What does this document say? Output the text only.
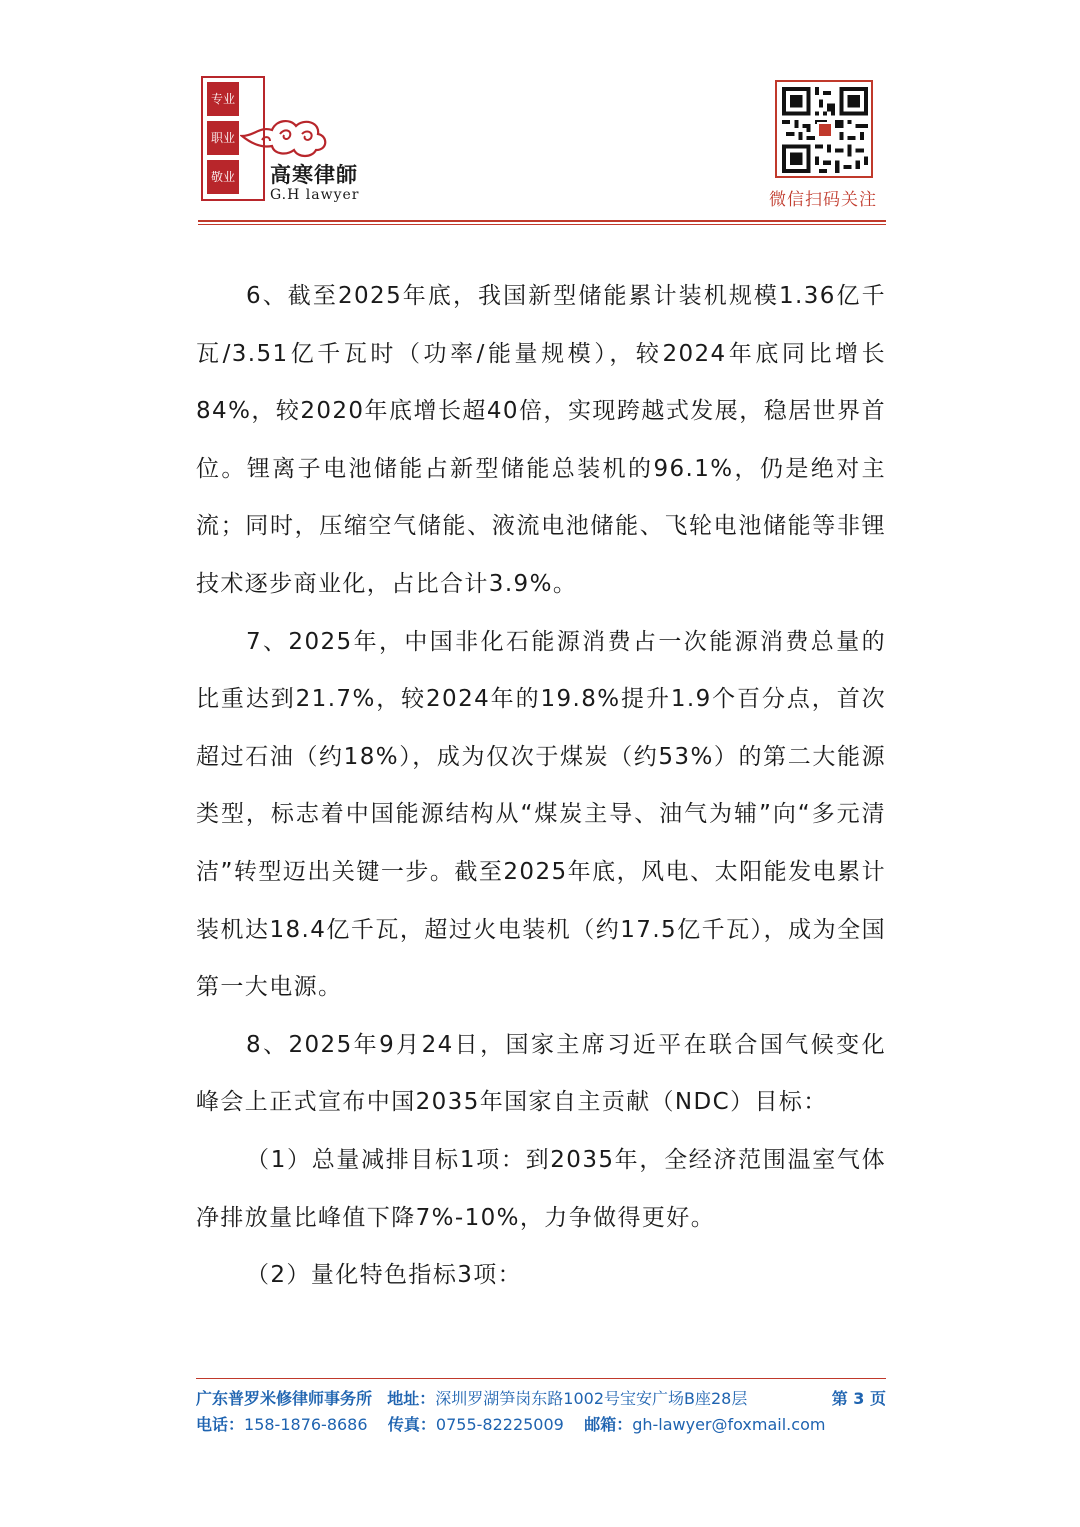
专业
职业
敬业 高寒律師
G.H lawyer	微信扫码关注

6、截至2025年底，我国新型储能累计装机规模1.36亿千瓦/3.51亿千瓦时（功率/能量规模），较2024年底同比增长84%，较2020年底增长超40倍，实现跨越式发展，稳居世界首位。锂离子电池储能占新型储能总装机的96.1%，仍是绝对主流；同时，压缩空气储能、液流电池储能、飞轮电池储能等非锂技术逐步商业化，占比合计3.9%。

7、2025年，中国非化石能源消费占一次能源消费总量的比重达到21.7%，较2024年的19.8%提升1.9个百分点，首次超过石油（约18%），成为仅次于煤炭（约53%）的第二大能源类型，标志着中国能源结构从“煤炭主导、油气为辅”向“多元清洁”转型迈出关键一步。截至2025年底，风电、太阳能发电累计装机达18.4亿千瓦，超过火电装机（约17.5亿千瓦），成为全国第一大电源。

8、2025年9月24日，国家主席习近平在联合国气候变化峰会上正式宣布中国2035年国家自主贡献（NDC）目标：

（1）总量减排目标1项：到2035年，全经济范围温室气体净排放量比峰值下降7%-10%，力争做得更好。

（2）量化特色指标3项：

广东普罗米修律师事务所 地址：深圳罗湖笋岗东路1002号宝安广场B座28层	第 3 页
电话：158-1876-8686 传真：0755-82225009 邮箱：gh-lawyer@foxmail.com
